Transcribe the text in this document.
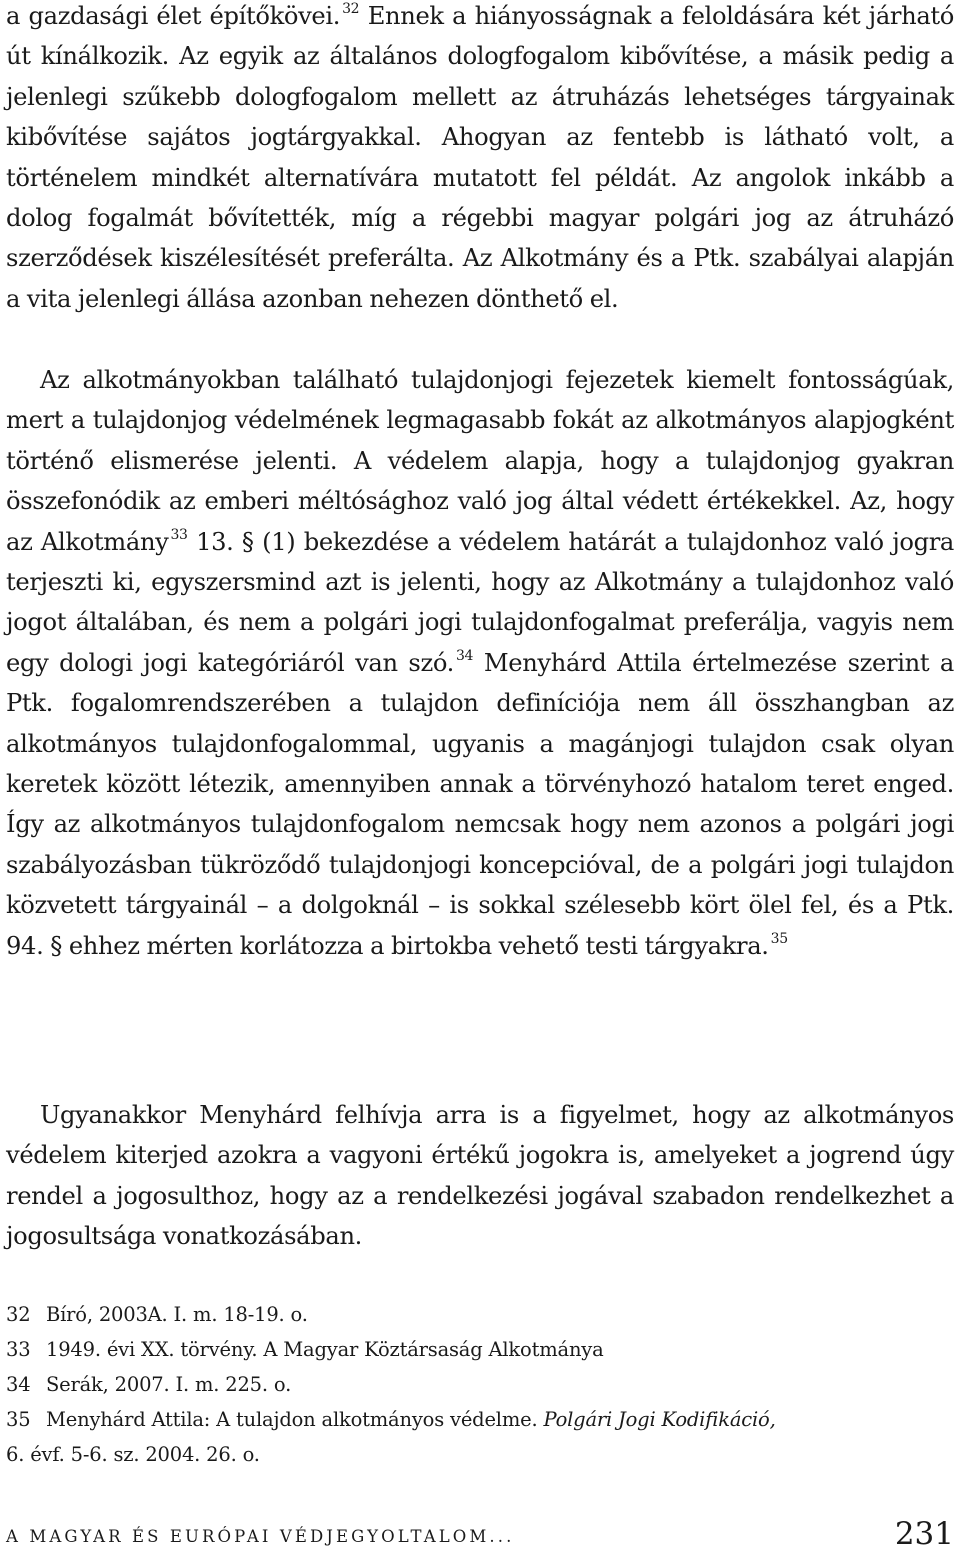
a gazdasági élet építőkövei. $^{32}$ Ennek a hiányosságnak a feloldására két járható út kínálkozik. Az egyik az általános dologfogalom kibővítése, a másik pedig a jelenlegi szűkebb dologfogalom mellett az átruházás lehetséges tárgyainak kibővítése sajátos jogtárgyakkal. Ahogyan az fentebb is látható volt, a történelem mindkét alternatívára mutatott fel példát. Az angolok inkább a dolog fogalmát bővítették, míg a régebbi magyar polgári jog az átruházó szerződések kiszélesítését preferálta. Az Alkotmány és a Ptk. szabályai alapján a vita jelenlegi állása azonban nehezen dönthető el.

Az alkotmányokban található tulajdonjogi fejezetek kiemelt fontosságúak, mert a tulajdonjog védelmének legmagasabb fokát az alkotmányos alapjogként történő elismerése jelenti. A védelem alapja, hogy a tulajdonjog gyakran összefonódik az emberi méltósághoz való jog által védett értékekkel. Az, hogy az Alkotmány $^{33}$ 13. § (1) bekezdése a védelem határát a tulajdonhoz való jogra terjeszti ki, egyszersmind azt is jelenti, hogy az Alkotmány a tulajdonhoz való jogot általában, és nem a polgári jogi tulajdonfogalmat preferálja, vagyis nem egy dologi jogi kategóriáról van szó. $^{34}$ Menyhárd Attila értelmezése szerint a Ptk. fogalomrendszerében a tulajdon definíciója nem áll összhangban az alkotmányos tulajdonfogalommal, ugyanis a magánjogi tulajdon csak olyan keretek között létezik, amennyiben annak a törvényhozó hatalom teret enged. Így az alkotmányos tulajdonfogalom nemcsak hogy nem azonos a polgári jogi szabályozásban tükröződő tulajdonjogi koncepcióval, de a polgári jogi tulajdon közvetett tárgyainál – a dolgoknál – is sokkal szélesebb kört ölel fel, és a Ptk. 94. § ehhez mérten korlátozza a birtokba vehető testi tárgyakra. $^{35}$

Ugyanakkor Menyhárd felhívja arra is a figyelmet, hogy az alkotmányos védelem kiterjed azokra a vagyoni értékű jogokra is, amelyeket a jogrend úgy rendel a jogosulthoz, hogy az a rendelkezési jogával szabadon rendelkezhet a jogosultsága vonatkozásában.

32 Bíró, 2003A. I. m. 18-19. o.
33 1949. évi XX. törvény. A Magyar Köztársaság Alkotmánya
34 Serák, 2007. I. m. 225. o.
35 Menyhárd Attila: A tulajdon alkotmányos védelme. Polgári Jogi Kodifikáció,
6. évf. 5-6. sz. 2004. 26. o.
A MAGYAR ÉS EURÓPAI VÉDJEGYOLTALOM...	231
